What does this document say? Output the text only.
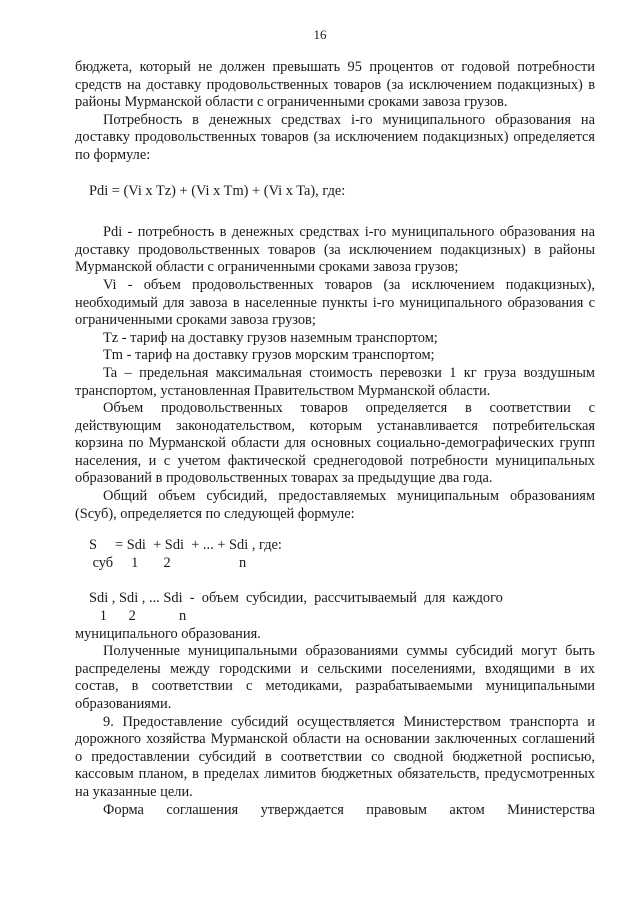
16

бюджета, который не должен превышать 95 процентов от годовой потребности средств на доставку продовольственных товаров (за исключением подакцизных) в районы Мурманской области с ограниченными сроками завоза грузов.

Потребность в денежных средствах i-го муниципального образования на доставку продовольственных товаров (за исключением подакцизных) определяется по формуле:

Pdi = (Vi x Tz) + (Vi x Tm) + (Vi x Ta), где:

Pdi - потребность в денежных средствах i-го муниципального образования на доставку продовольственных товаров (за исключением подакцизных) в районы Мурманской области с ограниченными сроками завоза грузов;

Vi - объем продовольственных товаров (за исключением подакцизных), необходимый для завоза в населенные пункты i-го муниципального образования с ограниченными сроками завоза грузов;

Tz - тариф на доставку грузов наземным транспортом;

Tm - тариф на доставку грузов морским транспортом;

Ta – предельная максимальная стоимость перевозки 1 кг груза воздушным транспортом, установленная Правительством Мурманской области.

Объем продовольственных товаров определяется в соответствии с действующим законодательством, которым устанавливается потребительская корзина по Мурманской области для основных социально-демографических групп населения, и с учетом фактической среднегодовой потребности муниципальных образований в продовольственных товарах за предыдущие два года.

Общий объем субсидий, предоставляемых муниципальным образованиям (Sсуб), определяется по следующей формуле:

S     = Sdi  + Sdi  + ... + Sdi , где:

суб     1       2                   n

Sdi , Sdi , ... Sdi  -  объем  субсидии,  рассчитываемый  для  каждого

1      2            n

муниципального образования.

Полученные муниципальными образованиями суммы субсидий могут быть распределены между городскими и сельскими поселениями, входящими в их состав, в соответствии с методиками, разрабатываемыми муниципальными образованиями.

9. Предоставление субсидий осуществляется Министерством транспорта и дорожного хозяйства Мурманской области на основании заключенных соглашений о предоставлении субсидий в соответствии со сводной бюджетной росписью, кассовым планом, в пределах лимитов бюджетных обязательств, предусмотренных на указанные цели.

Форма соглашения утверждается правовым актом Министерства
